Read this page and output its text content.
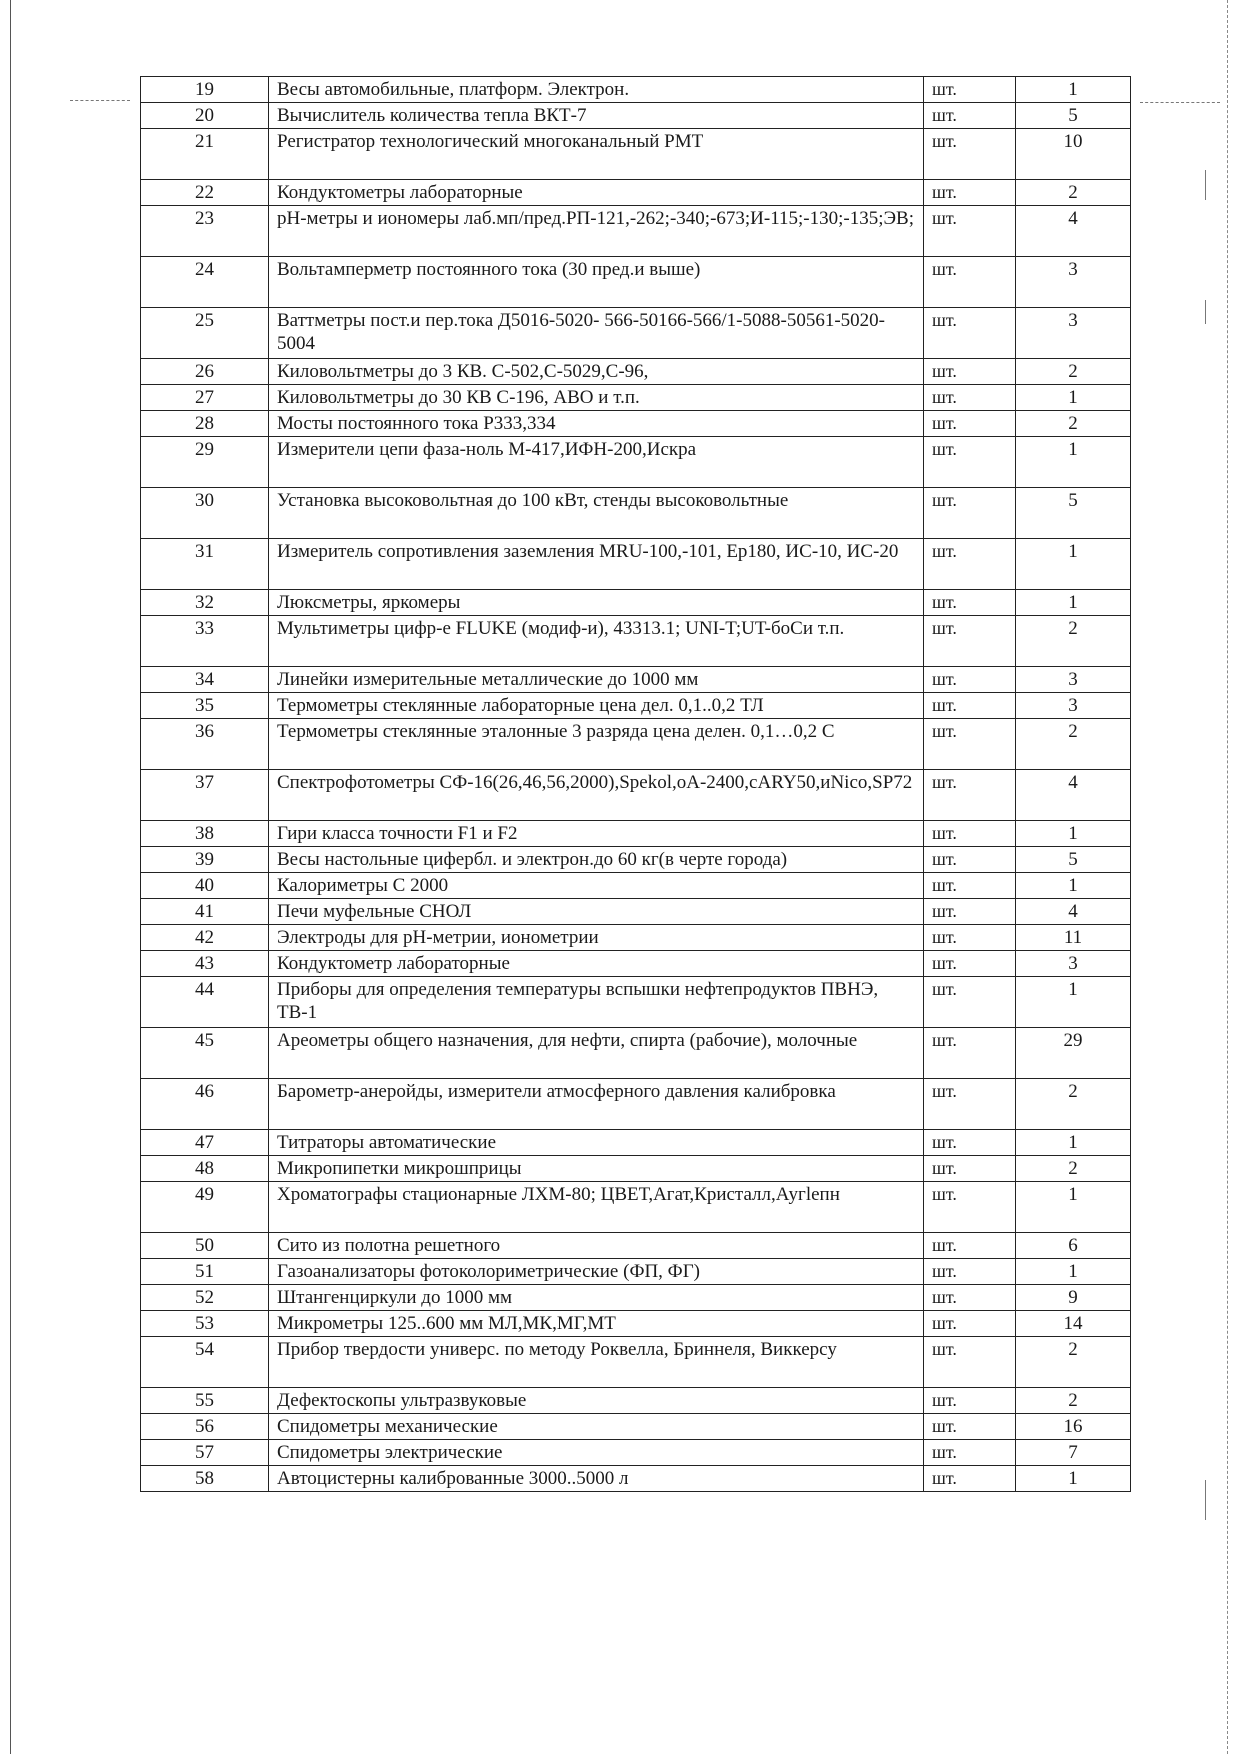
19	Весы автомобильные, платформ. Электрон.	шт.	1
20	Вычислитель количества тепла ВКТ-7	шт.	5
21	Регистратор технологический многоканальный РМТ	шт.	10
22	Кондуктометры лабораторные	шт.	2
23	pH-метры и иономеры лаб.мп/пред.РП-121,-262;-340;-673;И-115;-130;-135;ЭВ;	шт.	4
24	Вольтамперметр постоянного тока (30 пред.и выше)	шт.	3
25	Ваттметры пост.и пер.тока Д5016-5020- 566-50166-566/1-5088-50561-5020-5004	шт.	3
26	Киловольтметры до 3 КВ. С-502,С-5029,С-96,	шт.	2
27	Киловольтметры до 30 КВ С-196, АВО и т.п.	шт.	1
28	Мосты постоянного тока Р333,334	шт.	2
29	Измерители цепи фаза-ноль М-417,ИФН-200,Искра	шт.	1
30	Установка высоковольтная до 100 кВт, стенды высоковольтные	шт.	5
31	Измеритель сопротивления заземления MRU-100,-101, Ер180, ИС-10, ИС-20	шт.	1
32	Люксметры, яркомеры	шт.	1
33	Мультиметры цифр-е FLUKE (модиф-и), 43313.1; UNI-T;UT-боСи т.п.	шт.	2
34	Линейки измерительные металлические до 1000 мм	шт.	3
35	Термометры стеклянные лабораторные цена дел. 0,1..0,2 ТЛ	шт.	3
36	Термометры стеклянные эталонные 3 разряда цена делен. 0,1…0,2 С	шт.	2
37	Спектрофотометры СФ-16(26,46,56,2000),Spekol,оА-2400,cARY50,иNico,SP72	шт.	4
38	Гири класса точности F1 и F2	шт.	1
39	Весы настольные цифербл. и электрон.до 60 кг(в черте города)	шт.	5
40	Калориметры С 2000	шт.	1
41	Печи муфельные СНОЛ	шт.	4
42	Электроды для pH-метрии, ионометрии	шт.	11
43	Кондуктометр лабораторные	шт.	3
44	Приборы для определения температуры вспышки нефтепродуктов ПВНЭ, ТВ-1	шт.	1
45	Ареометры общего назначения, для нефти, спирта (рабочие), молочные	шт.	29
46	Барометр-анеройды, измерители атмосферного давления калибровка	шт.	2
47	Титраторы автоматические	шт.	1
48	Микропипетки микрошприцы	шт.	2
49	Хроматографы стационарные ЛХМ-80; ЦВЕТ,Агат,Кристалл,Аугlепн	шт.	1
50	Сито из полотна решетного	шт.	6
51	Газоанализаторы фотоколориметрические (ФП, ФГ)	шт.	1
52	Штангенциркули до 1000 мм	шт.	9
53	Микрометры 125..600 мм МЛ,МК,МГ,МТ	шт.	14
54	Прибор твердости универс. по методу Роквелла, Бриннеля, Виккерсу	шт.	2
55	Дефектоскопы ультразвуковые	шт.	2
56	Спидометры механические	шт.	16
57	Спидометры электрические	шт.	7
58	Автоцистерны калиброванные 3000..5000 л	шт.	1
